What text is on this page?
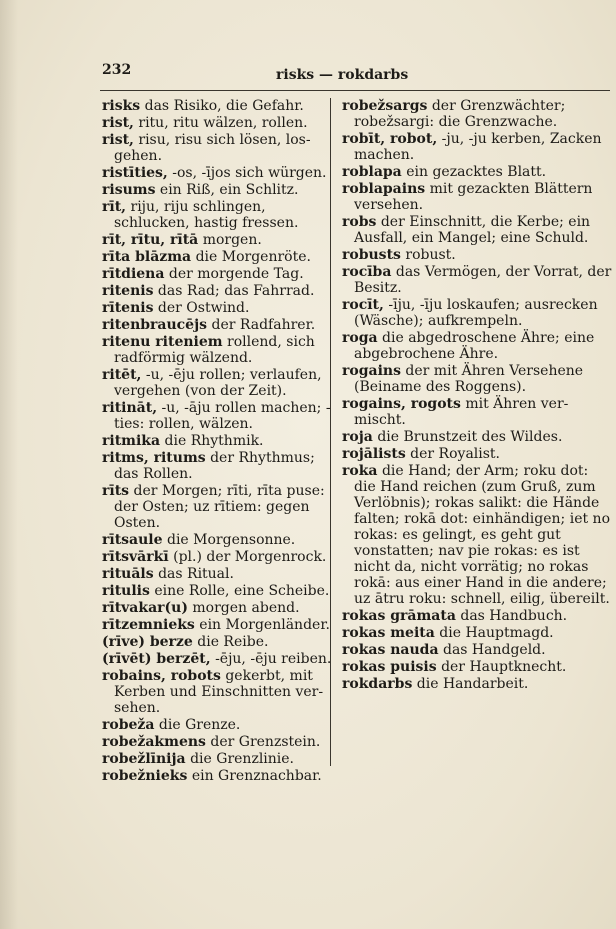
232	risks — rokdarbs
risks das Risiko, die Gefahr.
rist, ritu, ritu wälzen, rollen.
rist, risu, risu sich lösen, losgehen.
ristīties, -os, -ījos sich würgen.
risums ein Riß, ein Schlitz.
rīt, riju, riju schlingen, schlucken, hastig fressen.
rīt, rītu, rītā morgen.
rīta blāzma die Morgenröte.
rītdiena der morgende Tag.
ritenis das Rad; das Fahrrad.
rītenis der Ostwind.
ritenbraucējs der Radfahrer.
ritenu riteniem rollend, sich radförmig wälzend.
ritēt, -u, -ēju rollen; verlaufen, vergehen (von der Zeit).
ritināt, -u, -āju rollen machen; -ties: rollen, wälzen.
ritmika die Rhythmik.
ritms, ritums der Rhythmus; das Rollen.
rīts der Morgen; rīti, rīta puse: der Osten; uz rītiem: gegen Osten.
rītsaule die Morgensonne.
rītsvārkī (pl.) der Morgenrock.
rituāls das Ritual.
ritulis eine Rolle, eine Scheibe.
rītvakar(u) morgen abend.
rītzemnieks ein Morgenländer.
(rīve) berze die Reibe.
(rīvēt) berzēt, -ēju, -ēju reiben.
robains, robots gekerbt, mit Kerben und Einschnitten versehen.
robeža die Grenze.
robežakmens der Grenzstein.
robežlīnija die Grenzlinie.
robežnieks ein Grenznachbar.
robežsargs der Grenzwächter; robežsargi: die Grenzwache.
robīt, robot, -ju, -ju kerben, Zacken machen.
roblapa ein gezacktes Blatt.
roblapains mit gezackten Blättern versehen.
robs der Einschnitt, die Kerbe; ein Ausfall, ein Mangel; eine Schuld.
robusts robust.
rocība das Vermögen, der Vorrat, der Besitz.
rocīt, -īju, -īju loskaufen; ausrecken (Wäsche); aufkrempeln.
roga die abgedroschene Ähre; eine abgebrochene Ähre.
rogains der mit Ähren Versehene (Beiname des Roggens).
rogains, rogots mit Ähren vermischt.
roja die Brunstzeit des Wildes.
rojālists der Royalist.
roka die Hand; der Arm; roku dot: die Hand reichen (zum Gruß, zum Verlöbnis); rokas salikt: die Hände falten; rokā dot: einhändigen; iet no rokas: es gelingt, es geht gut vonstatten; nav pie rokas: es ist nicht da, nicht vorrätig; no rokas rokā: aus einer Hand in die andere; uz ātru roku: schnell, eilig, übereilt.
rokas grāmata das Handbuch.
rokas meita die Hauptmagd.
rokas nauda das Handgeld.
rokas puisis der Hauptknecht.
rokdarbs die Handarbeit.
